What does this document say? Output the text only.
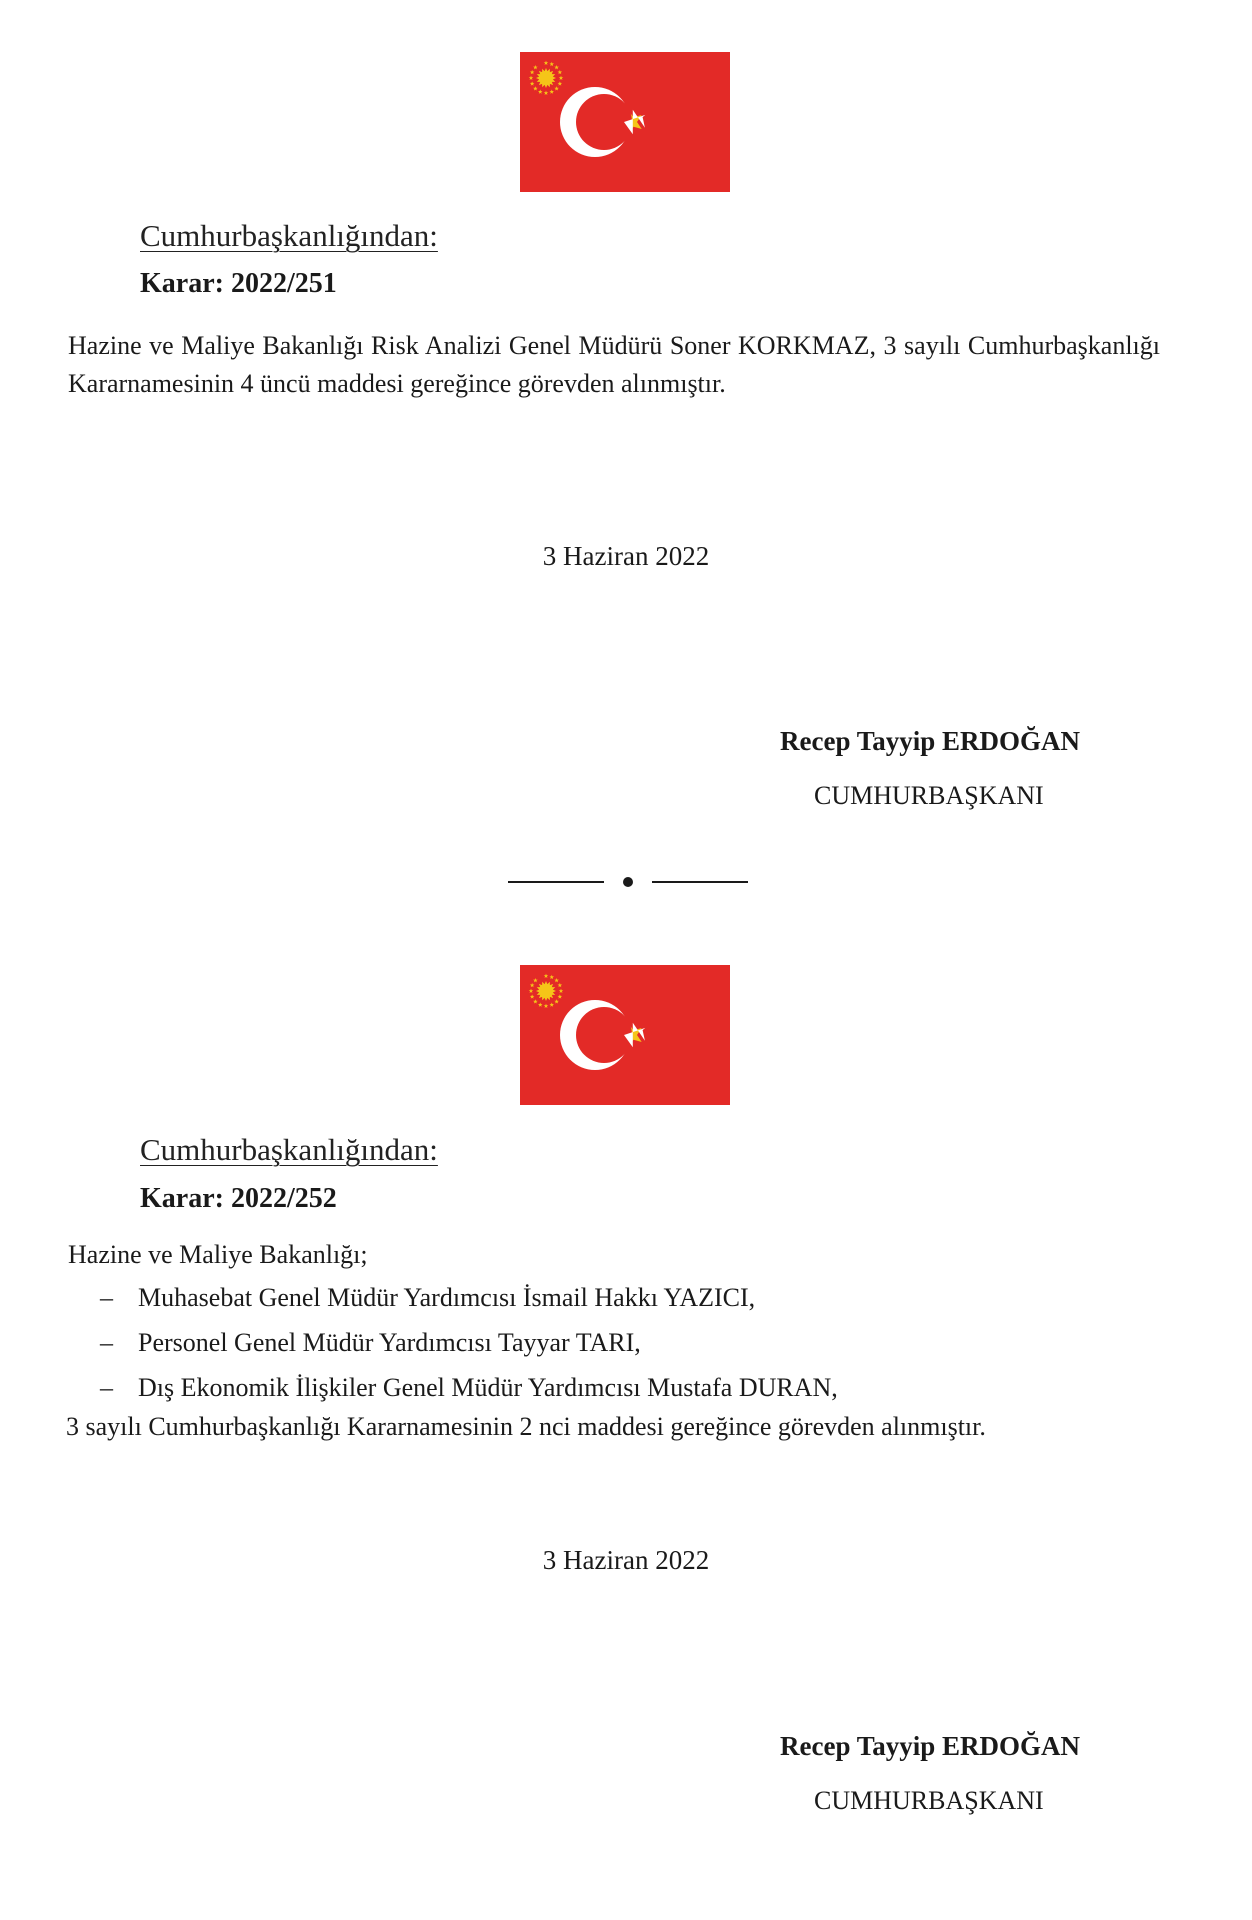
Cumhurbaşkanlığından:
Karar: 2022/251
Hazine ve Maliye Bakanlığı Risk Analizi Genel Müdürü Soner KORKMAZ, 3 sayılı Cumhurbaşkanlığı Kararnamesinin 4 üncü maddesi gereğince görevden alınmıştır.
3 Haziran 2022
Recep Tayyip ERDOĞAN
CUMHURBAŞKANI
Cumhurbaşkanlığından:
Karar: 2022/252
Hazine ve Maliye Bakanlığı;
– Muhasebat Genel Müdür Yardımcısı İsmail Hakkı YAZICI,
– Personel Genel Müdür Yardımcısı Tayyar TARI,
– Dış Ekonomik İlişkiler Genel Müdür Yardımcısı Mustafa DURAN,
3 sayılı Cumhurbaşkanlığı Kararnamesinin 2 nci maddesi gereğince görevden alınmıştır.
3 Haziran 2022
Recep Tayyip ERDOĞAN
CUMHURBAŞKANI
